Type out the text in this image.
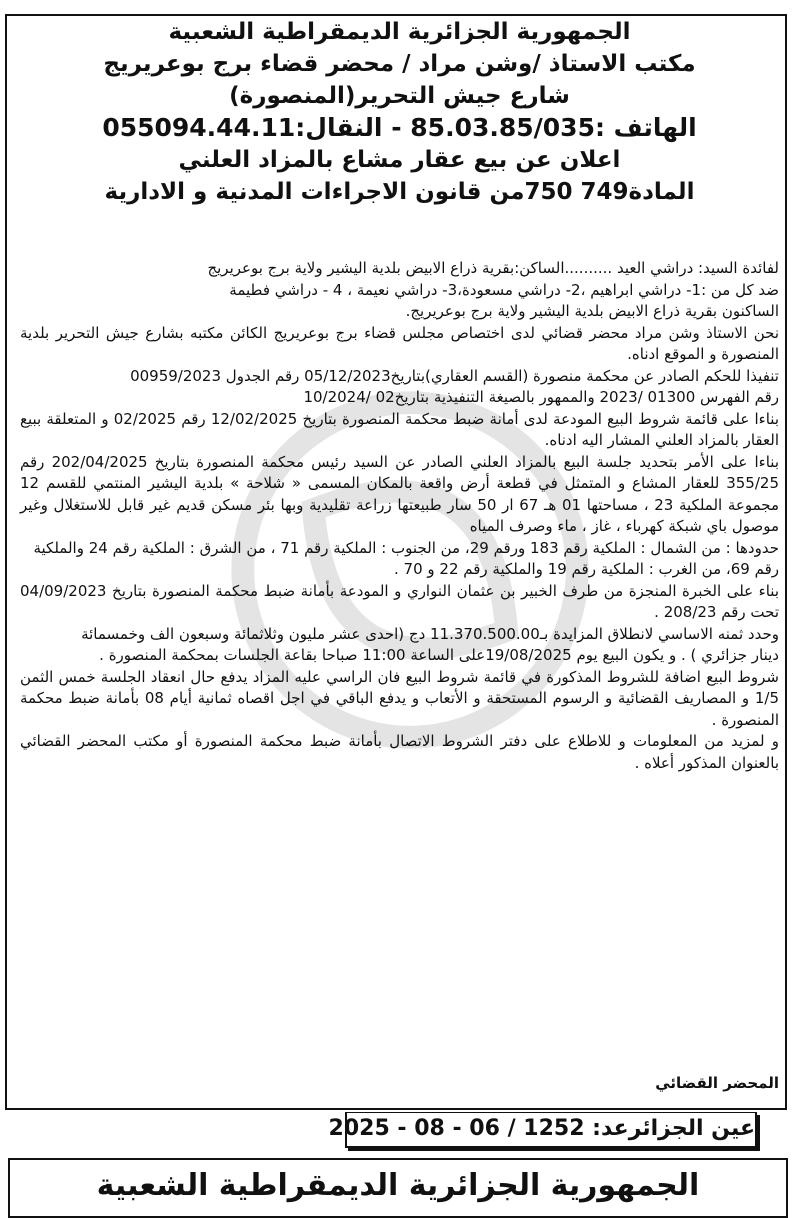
الجمهورية الجزائرية الديمقراطية الشعبية
مكتب الاستاذ /وشن مراد / محضر قضاء برج بوعريريج
شارع جيش التحرير(المنصورة)
الهاتف :85.03.85/035 - النقال:055094.44.11
اعلان عن بيع عقار مشاع بالمزاد العلني
المادة749 750من قانون الاجراءات المدنية و الادارية

لفائدة السيد: دراشي العيد ..........الساكن:بقرية ذراع الابيض بلدية اليشير ولاية برج بوعريريج

ضد كل من :1- دراشي ابراهيم ،2- دراشي مسعودة،3- دراشي نعيمة ، 4 - دراشي فطيمة

الساكنون بقرية ذراع الابيض بلدية اليشير ولاية برج بوعريريج.

نحن الاستاذ وشن مراد محضر قضائي لدى اختصاص مجلس قضاء برج بوعريريج الكائن مكتبه بشارع جيش التحرير بلدية المنصورة و الموقع ادناه.

تنفيذا للحكم الصادر عن محكمة منصورة (القسم العقاري)بتاريخ05/12/2023 رقم الجدول 00959/2023

رقم الفهرس 01300 /2023 والممهور بالصيغة التنفيذية بتاريخ02 /10/2024

بناءا على قائمة شروط البيع المودعة لدى أمانة ضبط محكمة المنصورة بتاريخ 12/02/2025 رقم 02/2025 و المتعلقة ببيع العقار بالمزاد العلني المشار اليه ادناه.

بناءا على الأمر بتحديد جلسة البيع بالمزاد العلني الصادر عن السيد رئيس محكمة المنصورة بتاريخ 202/04/2025 رقم 355/25 للعقار المشاع و المتمثل في قطعة أرض واقعة بالمكان المسمى « شلاحة » بلدية اليشير المنتمي للقسم 12 مجموعة الملكية 23 ، مساحتها 01 هـ 67 ار 50 سار طبيعتها زراعة تقليدية وبها بئر مسكن قديم غير قابل للاستغلال وغير موصول باي شبكة كهرباء ، غاز ، ماء وصرف المياه

حدودها : من الشمال : الملكية رقم 183 ورقم 29، من الجنوب : الملكية رقم 71 ، من الشرق : الملكية رقم 24 والملكية

رقم 69، من الغرب : الملكية رقم 19 والملكية رقم 22 و 70 .

بناء على الخبرة المنجزة من طرف الخبير بن عثمان النواري و المودعة بأمانة ضبط محكمة المنصورة بتاريخ 04/09/2023 تحت رقم 208/23 .

وحدد ثمنه الاساسي لانطلاق المزايدة بـ11.370.500.00 دج (احدى عشر مليون وثلاثمائة وسبعون الف وخمسمائة

دينار جزائري ) . و يكون البيع يوم 19/08/2025على الساعة 11:00 صباحا بقاعة الجلسات بمحكمة المنصورة .

شروط البيع اضافة للشروط المذكورة في قائمة شروط البيع فان الراسي عليه المزاد يدفع حال انعقاد الجلسة خمس الثمن 1/5 و المصاريف القضائية و الرسوم المستحقة و الأتعاب و يدفع الباقي في اجل اقصاه ثمانية أيام 08 بأمانة ضبط محكمة المنصورة .

و لمزيد من المعلومات و للاطلاع على دفتر الشروط الاتصال بأمانة ضبط محكمة المنصورة أو مكتب المحضر القضائي بالعنوان المذكور أعلاه .

المحضر القضائي
عين الجزائرعد: 1252 / 06 - 08 - 2025
الجمهورية الجزائرية الديمقراطية الشعبية
